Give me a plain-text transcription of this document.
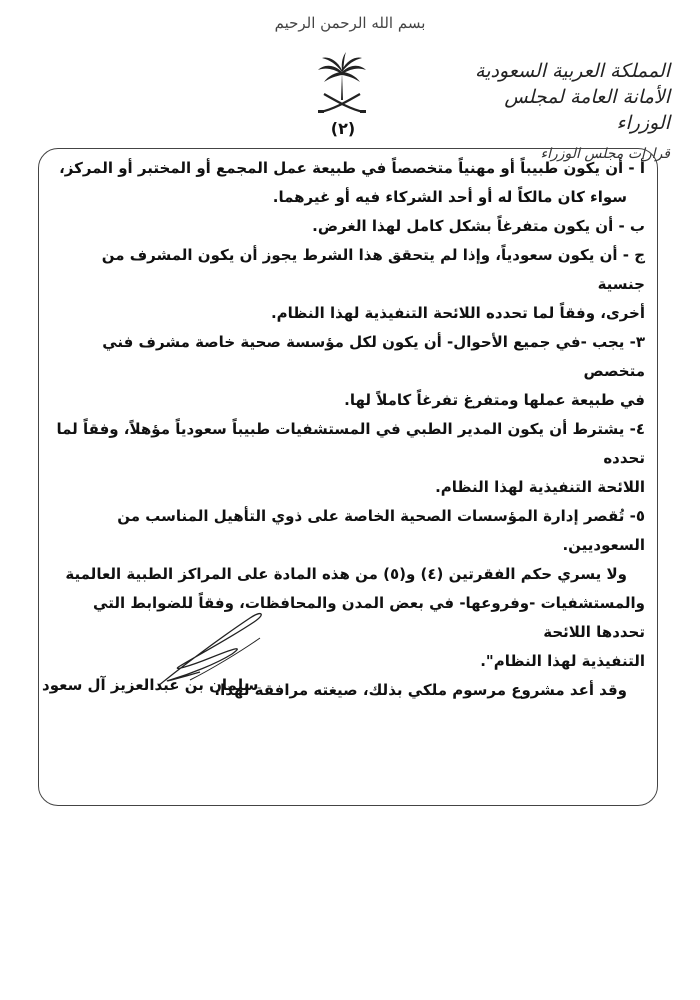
بسم الله الرحمن الرحيم
(٢)
المملكة العربية السعودية
الأمانة العامة لمجلس الوزراء
قرارات مجلس الوزراء

أ - أن يكون طبيباً أو مهنياً متخصصاً في طبيعة عمل المجمع أو المختبر أو المركز،

سواء كان مالكاً له أو أحد الشركاء فيه أو غيرهما.

ب - أن يكون متفرغاً بشكل كامل لهذا الغرض.

ج - أن يكون سعودياً، وإذا لم يتحقق هذا الشرط يجوز أن يكون المشرف من جنسية

أخرى، وفقاً لما تحدده اللائحة التنفيذية لهذا النظام.

٣- يجب -في جميع الأحوال- أن يكون لكل مؤسسة صحية خاصة مشرف فني متخصص

في طبيعة عملها ومتفرغ تفرغاً كاملاً لها.

٤- يشترط أن يكون المدير الطبي في المستشفيات طبيباً سعودياً مؤهلاً، وفقاً لما تحدده

اللائحة التنفيذية لهذا النظام.

٥- تُقصر إدارة المؤسسات الصحية الخاصة على ذوي التأهيل المناسب من السعوديين.

ولا يسري حكم الفقرتين (٤) و(٥) من هذه المادة على المراكز الطبية العالمية

والمستشفيات -وفروعها- في بعض المدن والمحافظات، وفقاً للضوابط التي تحددها اللائحة

التنفيذية لهذا النظام".

وقد أعد مشروع مرسوم ملكي بذلك، صيغته مرافقة لهذا.

سلمان بن عبدالعزيز آل سعود
